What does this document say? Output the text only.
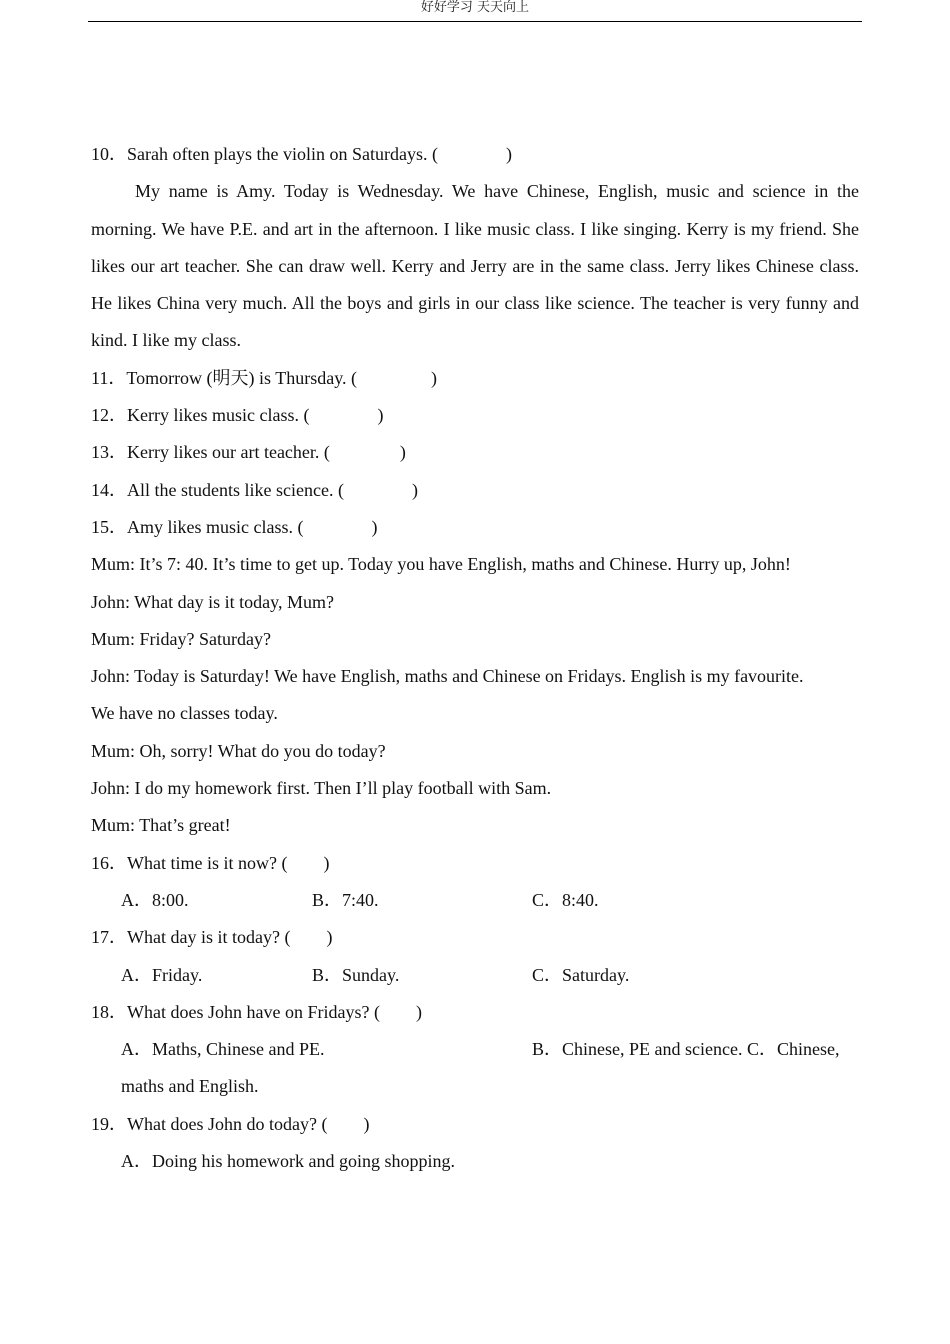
好好学习 天天向上
10．Sarah often plays the violin on Saturdays. (	)
My name is Amy. Today is Wednesday. We have Chinese, English, music and science in the morning. We have P.E. and art in the afternoon. I like music class. I like singing. Kerry is my friend. She likes our art teacher. She can draw well. Kerry and Jerry are in the same class. Jerry likes Chinese class. He likes China very much. All the boys and girls in our class like science. The teacher is very funny and kind. I like my class.
11．Tomorrow (明天) is Thursday. (	)
12．Kerry likes music class. (	)
13．Kerry likes our art teacher. (	)
14．All the students like science. (	)
15．Amy likes music class. (	)
Mum: It’s 7: 40. It’s time to get up. Today you have English, maths and Chinese. Hurry up, John!
John: What day is it today, Mum?
Mum: Friday? Saturday?
John: Today is Saturday! We have English, maths and Chinese on Fridays. English is my favourite.
We have no classes today.
Mum: Oh, sorry! What do you do today?
John: I do my homework first. Then I’ll play football with Sam.
Mum: That’s great!
16．What time is it now? ( )
A．8:00.	B．7:40.	C．8:40.
17．What day is it today? ( )
A．Friday.	B．Sunday.	C．Saturday.
18．What does John have on Fridays? ( )
A．Maths, Chinese and PE.	B．Chinese, PE and science. C．Chinese,
maths and English.
19．What does John do today? ( )
A．Doing his homework and going shopping.
